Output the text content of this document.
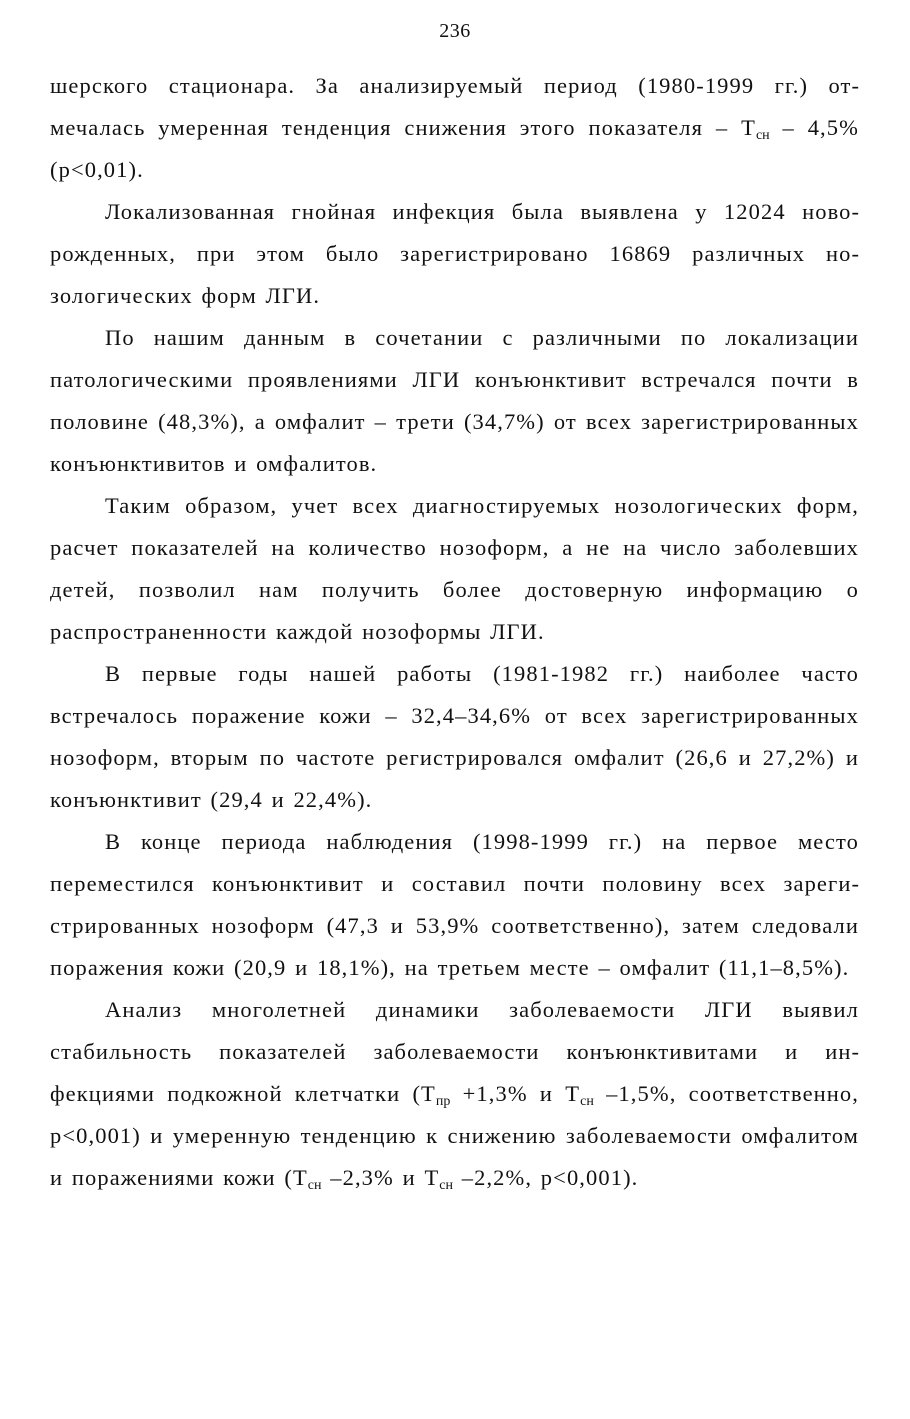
236

шерского стационара. За анализируемый период (1980-1999 гг.) отмечалась умеренная тенденция снижения этого показателя – $Т_{сн} - 4,5\%$ (p<0,01).

Локализованная гнойная инфекция была выявлена у 12024 новорожденных, при этом было зарегистрировано 16869 различных нозологических форм ЛГИ.

По нашим данным в сочетании с различными по локализации патологическими проявлениями ЛГИ конъюнктивит встречался почти в половине (48,3%), а омфалит – трети (34,7%) от всех зарегистрированных конъюнктивитов и омфалитов.

Таким образом, учет всех диагностируемых нозологических форм, расчет показателей на количество нозоформ, а не на число заболевших детей, позволил нам получить более достоверную информацию о распространенности каждой нозоформы ЛГИ.

В первые годы нашей работы (1981-1982 гг.) наиболее часто встречалось поражение кожи – 32,4–34,6% от всех зарегистрированных нозоформ, вторым по частоте регистрировался омфалит (26,6 и 27,2%) и конъюнктивит (29,4 и 22,4%).

В конце периода наблюдения (1998-1999 гг.) на первое место переместился конъюнктивит и составил почти половину всех зарегистрированных нозоформ (47,3 и 53,9% соответственно), затем следовали поражения кожи (20,9 и 18,1%), на третьем месте – омфалит (11,1–8,5%).

Анализ многолетней динамики заболеваемости ЛГИ выявил стабильность показателей заболеваемости конъюнктивитами и инфекциями подкожной клетчатки ($Т_{пр} +1,3\%$ и $Т_{сн}$ –1,5%, соответственно, p<0,001) и умеренную тенденцию к снижению заболеваемости омфалитом и поражениями кожи ($Т_{сн}$ –2,3% и $Т_{сн}$ –2,2%, p<0,001).
